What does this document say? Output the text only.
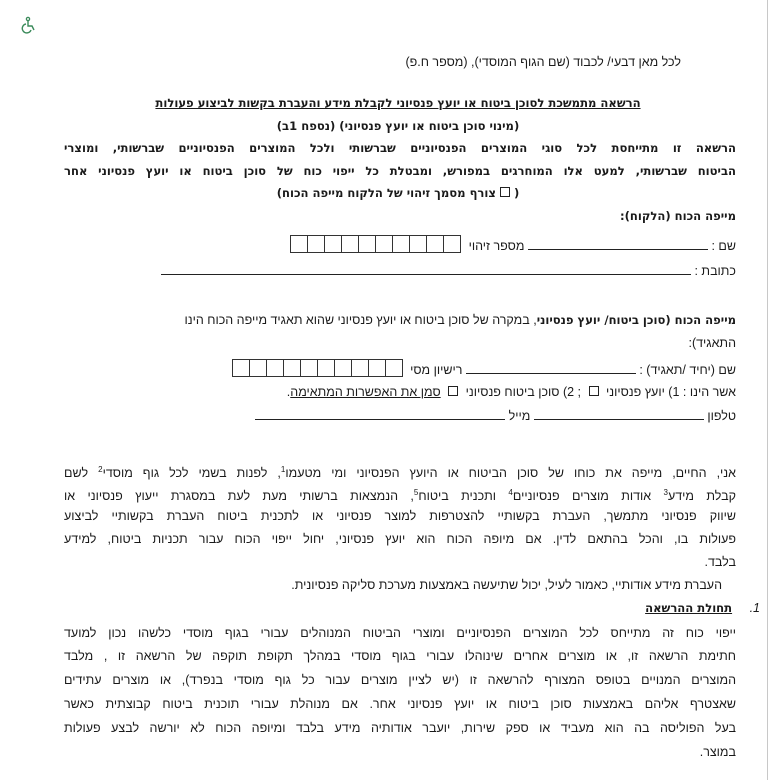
לכל מאן דבעי/ לכבוד (שם הגוף המוסדי), (מספר ח.פ)
הרשאה מתמשכת לסוכן ביטוח או יועץ פנסיוני לקבלת מידע והעברת בקשות לביצוע פעולות
(מינוי סוכן ביטוח או יועץ פנסיוני) (נספח 1ב)
הרשאה זו מתייחסת לכל סוגי המוצרים הפנסיוניים שברשותי ולכל המוצרים הפנסיוניים שברשותי, ומוצרי
הביטוח שברשותי, למעט אלו המוחרגים במפורש, ומבטלת כל ייפוי כוח של סוכן ביטוח או יועץ פנסיוני אחר
(צורף מסמך זיהוי של הלקוח מייפה הכוח)
מייפה הכוח (הלקוח):
שם :  מספר זיהוי
כתובת :
מייפה הכוח (סוכן ביטוח/ יועץ פנסיוני, במקרה של סוכן ביטוח או יועץ פנסיוני שהוא תאגיד מייפה הכוח הינו
התאגיד):
שם (יחיד /תאגיד) :  רישיון מסי
אשר הינו : 1) יועץ פנסיוני  ; 2) סוכן ביטוח פנסיוני  סמן את האפשרות המתאימה.
טלפון  מייל
אני, החיים, מייפה את כוחו של סוכן הביטוח או היועץ הפנסיוני ומי מטעמו$^1$, לפנות בשמי לכל גוף מוסדי$^2$ לשם
קבלת מידע$^3$ אודות מוצרים פנסיוניים$^4$ ותכנית ביטוח$^5$, הנמצאות ברשותי מעת לעת במסגרת ייעוץ פנסיוני או
שיווק פנסיוני מתמשך, העברת בקשותיי להצטרפות למוצר פנסיוני או לתכנית ביטוח העברת בקשותיי לביצוע
פעולות בו, והכל בהתאם לדין. אם מיופה הכוח הוא יועץ פנסיוני, יחול ייפוי הכוח עבור תכניות ביטוח, למידע
בלבד.
העברת מידע אודותיי, כאמור לעיל, יכול שתיעשה באמצעות מערכת סליקה פנסיונית.
1. תחולת ההרשאה
ייפוי כוח זה מתייחס לכל המוצרים הפנסיוניים ומוצרי הביטוח המנוהלים עבורי בגוף מוסדי כלשהו נכון למועד
חתימת הרשאה זו, או מוצרים אחרים שינוהלו עבורי בגוף מוסדי במהלך תקופת תוקפה של הרשאה זו , מלבד
המוצרים המנויים בטופס המצורף להרשאה זו (יש לציין מוצרים עבור כל גוף מוסדי בנפרד), או מוצרים עתידים
שאצטרף אליהם באמצעות סוכן ביטוח או יועץ פנסיוני אחר. אם מנוהלת עבורי תוכנית ביטוח קבוצתית כאשר
בעל הפוליסה בה הוא מעביד או ספק שירות, יועבר אודותיה מידע בלבד ומיופה הכוח לא יורשה לבצע פעולות
במוצר.
